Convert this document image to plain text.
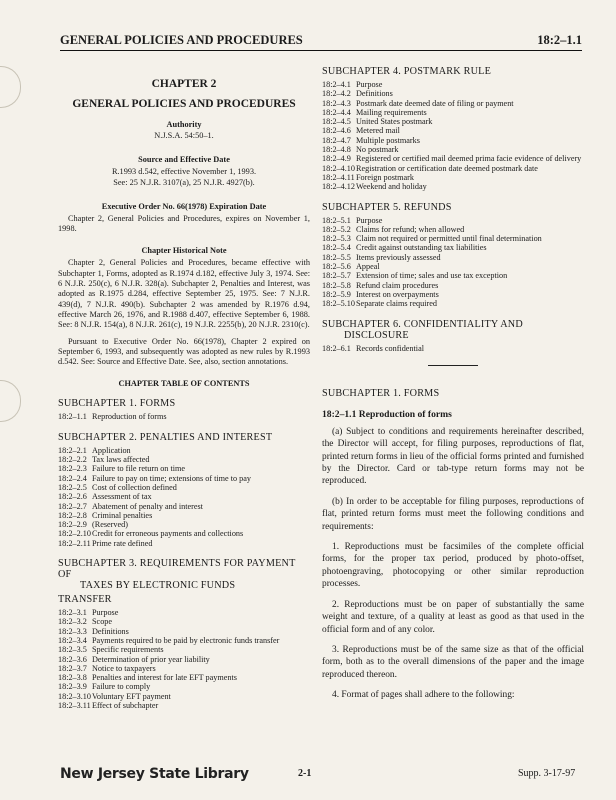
GENERAL POLICIES AND PROCEDURES	18:2–1.1
CHAPTER 2
GENERAL POLICIES AND PROCEDURES
Authority
N.J.S.A. 54:50–1.
Source and Effective Date
R.1993 d.542, effective November 1, 1993.
See: 25 N.J.R. 3107(a), 25 N.J.R. 4927(b).
Executive Order No. 66(1978) Expiration Date
Chapter 2, General Policies and Procedures, expires on November 1, 1998.
Chapter Historical Note
Chapter 2, General Policies and Procedures, became effective with Subchapter 1, Forms, adopted as R.1974 d.182, effective July 3, 1974. See: 6 N.J.R. 250(c), 6 N.J.R. 328(a). Subchapter 2, Penalties and Interest, was adopted as R.1975 d.284, effective September 25, 1975. See: 7 N.J.R. 439(d), 7 N.J.R. 490(b). Subchapter 2 was amended by R.1976 d.94, effective March 26, 1976, and R.1988 d.407, effective September 6, 1988. See: 8 N.J.R. 154(a), 8 N.J.R. 261(c), 19 N.J.R. 2255(b), 20 N.J.R. 2310(c).
Pursuant to Executive Order No. 66(1978), Chapter 2 expired on September 6, 1993, and subsequently was adopted as new rules by R.1993 d.542. See: Source and Effective Date. See, also, section annotations.
CHAPTER TABLE OF CONTENTS
SUBCHAPTER 1. FORMS
18:2–1.1	Reproduction of forms
SUBCHAPTER 2. PENALTIES AND INTEREST
18:2–2.1	Application
18:2–2.2	Tax laws affected
18:2–2.3	Failure to file return on time
18:2–2.4	Failure to pay on time; extensions of time to pay
18:2–2.5	Cost of collection defined
18:2–2.6	Assessment of tax
18:2–2.7	Abatement of penalty and interest
18:2–2.8	Criminal penalties
18:2–2.9	(Reserved)
18:2–2.10	Credit for erroneous payments and collections
18:2–2.11	Prime rate defined
SUBCHAPTER 3. REQUIREMENTS FOR PAYMENT OF
TAXES BY ELECTRONIC FUNDS
TRANSFER
18:2–3.1	Purpose
18:2–3.2	Scope
18:2–3.3	Definitions
18:2–3.4	Payments required to be paid by electronic funds transfer
18:2–3.5	Specific requirements
18:2–3.6	Determination of prior year liability
18:2–3.7	Notice to taxpayers
18:2–3.8	Penalties and interest for late EFT payments
18:2–3.9	Failure to comply
18:2–3.10	Voluntary EFT payment
18:2–3.11	Effect of subchapter
SUBCHAPTER 4. POSTMARK RULE
18:2–4.1	Purpose
18:2–4.2	Definitions
18:2–4.3	Postmark date deemed date of filing or payment
18:2–4.4	Mailing requirements
18:2–4.5	United States postmark
18:2–4.6	Metered mail
18:2–4.7	Multiple postmarks
18:2–4.8	No postmark
18:2–4.9	Registered or certified mail deemed prima facie evidence of delivery
18:2–4.10	Registration or certification date deemed postmark date
18:2–4.11	Foreign postmark
18:2–4.12	Weekend and holiday
SUBCHAPTER 5. REFUNDS
18:2–5.1	Purpose
18:2–5.2	Claims for refund; when allowed
18:2–5.3	Claim not required or permitted until final determination
18:2–5.4	Credit against outstanding tax liabilities
18:2–5.5	Items previously assessed
18:2–5.6	Appeal
18:2–5.7	Extension of time; sales and use tax exception
18:2–5.8	Refund claim procedures
18:2–5.9	Interest on overpayments
18:2–5.10	Separate claims required
SUBCHAPTER 6. CONFIDENTIALITY AND
DISCLOSURE
18:2–6.1	Records confidential
SUBCHAPTER 1. FORMS
18:2–1.1 Reproduction of forms
(a) Subject to conditions and requirements hereinafter described, the Director will accept, for filing purposes, reproductions of flat, printed return forms in lieu of the official forms printed and furnished by the Director. Card or tab-type return forms may not be reproduced.
(b) In order to be acceptable for filing purposes, reproductions of flat, printed return forms must meet the following conditions and requirements:
1. Reproductions must be facsimiles of the complete official forms, for the proper tax period, produced by photo-offset, photoengraving, photocopying or other similar reproduction processes.
2. Reproductions must be on paper of substantially the same weight and texture, of a quality at least as good as that used in the official form and of any color.
3. Reproductions must be of the same size as that of the official form, both as to the overall dimensions of the paper and the image reproduced thereon.
4. Format of pages shall adhere to the following:
New Jersey State Library	2-1	Supp. 3-17-97
